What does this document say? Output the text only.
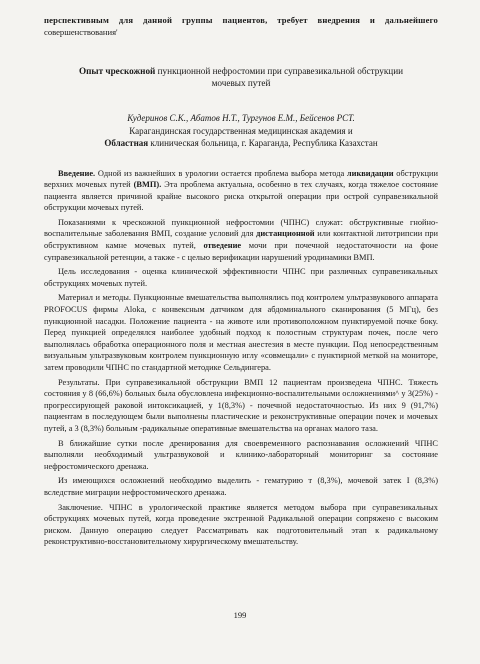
перспективным для данной группы пациентов, требует внедрения и дальнейшего
совершенствования'
Опыт чрескожной пункционной нефростомии при суправезикальной обструкции мочевых путей
Кудеринов С.К., Абатов Н.Т., Тургунов Е.М., Бейсенов РСТ.
Карагандинская государственная медицинская академия и
Областная клиническая больница, г. Караганда, Республика Казахстан

Введение. Одной из важнейших в урологии остается проблема выбора метода ликвидации обструкции верхних мочевых путей (ВМП). Эта проблема актуальна, особенно в тех случаях, когда тяжелое состояние пациента является причиной крайне высокого риска открытой операции при острой суправезикальной обструкции мочевых путей.

Показаниями к чрескожной пункционной нефростомии (ЧПНС) служат: обструктивные гнойно-воспалительные заболевания ВМП, создание условий для дистанционной или контактной литотрипсии при обструктивном камне мочевых путей, отведение мочи при почечной недостаточности на фоне суправезикальной ретенции, а также - с целью верификации нарушений уродинамики ВМП.

Цель исследования - оценка клинической эффективности ЧПНС при различных суправезикальных обструкциях мочевых путей.

Материал и методы. Пункционные вмешательства выполнялись под контролем ультразвукового аппарата PROFOCUS фирмы Aloka, с конвексным датчиком для абдоминального сканирования (5 МГц), без пункционной насадки. Положение пациента - на животе или противоположном пунктируемой почке боку. Перед пункцией определялся наиболее удобный подход к полостным структурам почек, после чего выполнялась обработка операционного поля и местная анестезия в месте пункции. Под непосредственным визуальным ультразвуковым контролем пункционную иглу «совмещали» с пунктирной меткой на мониторе, затем проводили ЧПНС по стандартной методике Сельдингера.

Результаты. При суправезикальной обструкции ВМП 12 пациентам произведена ЧПНС. Тяжесть состояния у 8 (66,6%) больных была обусловлена инфекционно-воспалительными осложнениями^ у 3(25%) - прогрессирующей раковой интоксикацией, у 1(8,3%) - почечной недостаточностью. Из них 9 (91,7%) пациентам в последующем были выполнены пластические и реконструктивные операции почек и мочевых путей, а 3 (8,3%) больным -радикальные оперативные вмешательства на органах малого таза.

В ближайшие сутки после дренирования для своевременного распознавания осложнений ЧПНС выполняли необходимый ультразвуковой и клинико-лабораторный мониторинг за состояние нефростомического дренажа.

Из имеющихся осложнений необходимо выделить - гематурию т (8,3%), мочевой затек I (8,3%) вследствие миграции нефростомического дренажа.

Заключение. ЧПНС в урологической практике является методом выбора при суправезикальных обструкциях мочевых путей, когда проведение экстренной Радикальной операции сопряжено с высоким риском. Данную операцию следует Рассматривать как подготовительный этап к радикальному реконструктивно-восстановительному хирургическому вмешательству.

199
